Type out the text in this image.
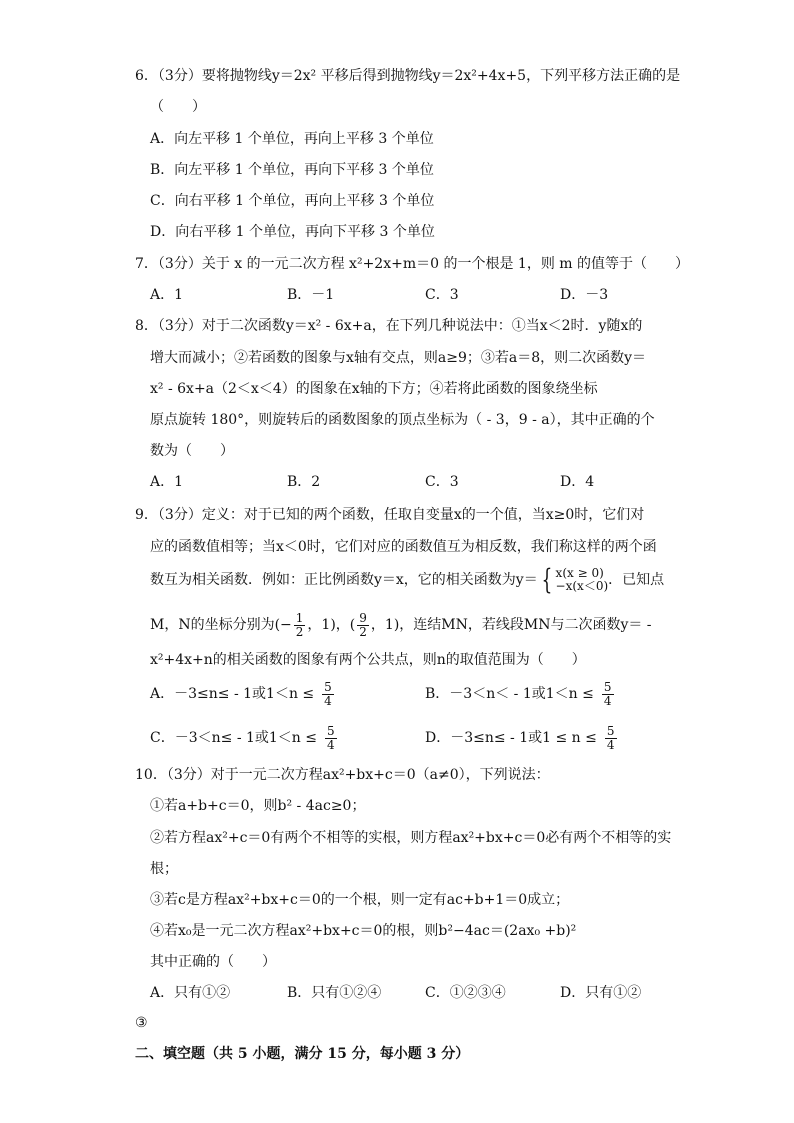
6．（3分）要将抛物线y＝2x² 平移后得到抛物线y＝2x²+4x+5，下列平移方法正确的是
（　　）
A．向左平移 1 个单位，再向上平移 3 个单位
B．向左平移 1 个单位，再向下平移 3 个单位
C．向右平移 1 个单位，再向上平移 3 个单位
D．向右平移 1 个单位，再向下平移 3 个单位
7．（3分）关于 x 的一元二次方程 x²+2x+m＝0 的一个根是 1，则 m 的值等于（　　）
A．1	B．－1	C．3	D．－3
8．（3分）对于二次函数y＝x² - 6x+a，在下列几种说法中：①当x＜2时．y随x的
增大而减小；②若函数的图象与x轴有交点，则a≥9；③若a＝8，则二次函数y＝
x² - 6x+a（2＜x＜4）的图象在x轴的下方；④若将此函数的图象绕坐标
原点旋转 180°，则旋转后的函数图象的顶点坐标为（ - 3，9 - a），其中正确的个
数为（　　）
A．1	B．2	C．3	D．4
9．（3分）定义：对于已知的两个函数，任取自变量x的一个值，当x≥0时，它们对
应的函数值相等；当x＜0时，它们对应的函数值互为相反数，我们称这样的两个函
数互为相关函数．例如：正比例函数y＝x，它的相关函数为y＝ { x(x ≥ 0)
−x(x＜0) ．已知点
M，N的坐标分别为(− $\frac{1}{2}$ ，1)，( $\frac{9}{2}$ ，1)，连结MN，若线段MN与二次函数y＝ -
x²+4x+n的相关函数的图象有两个公共点，则n的取值范围为（　　）
A．－3≤n≤ - 1或$1<n \le \frac{5}{4}$	B．－3＜n＜ - 1或$1<n \le \frac{5}{4}$
C．－3＜n≤ - 1或$1<n \le \frac{5}{4}$	D．－3≤n≤ - 1或$1 \le n \le \frac{5}{4}$
10．（3分）对于一元二次方程ax²+bx+c＝0（a≠0），下列说法：
①若a+b+c＝0，则b² - 4ac≥0；
②若方程ax²+c＝0有两个不相等的实根，则方程ax²+bx+c＝0必有两个不相等的实
根；
③若c是方程ax²+bx+c＝0的一个根，则一定有ac+b+1＝0成立；
④若x₀是一元二次方程ax²+bx+c＝0的根，则b²−4ac＝(2ax₀ +b)²
其中正确的（　　）
A．只有①②	B．只有①②④	C．①②③④	D．只有①②
③
二、填空题（共 5 小题，满分 15 分，每小题 3 分）
